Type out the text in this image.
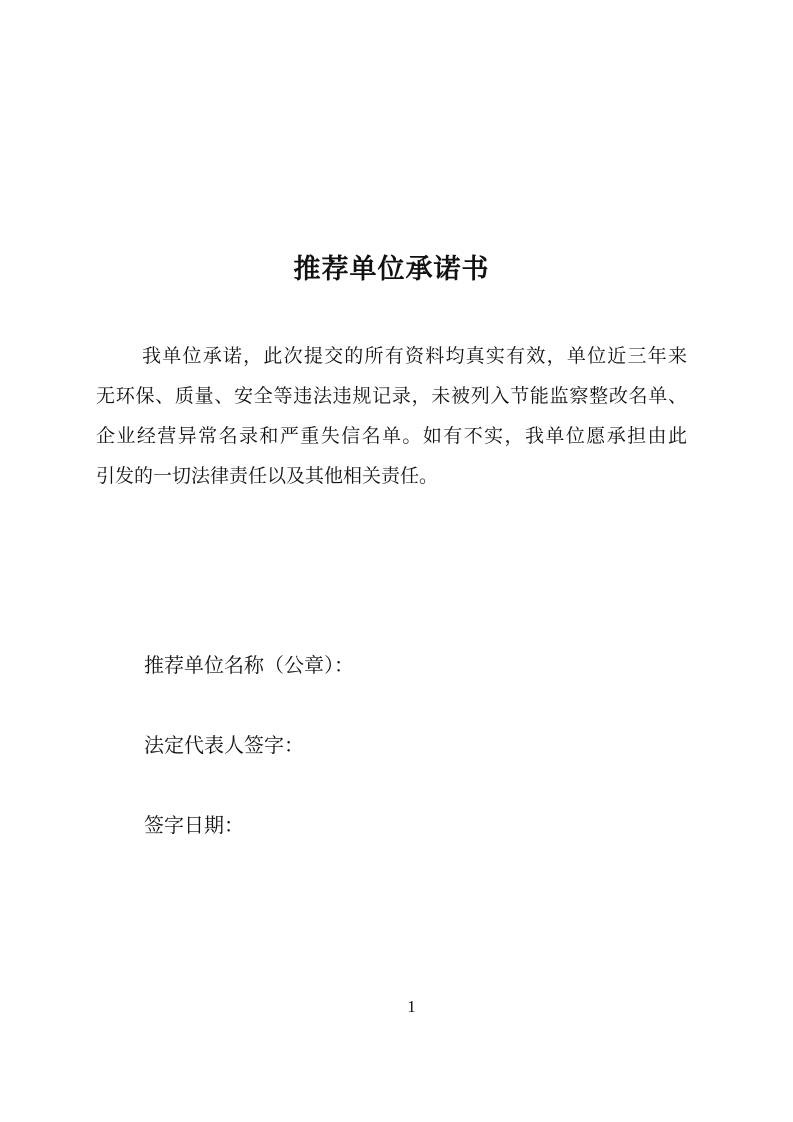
推荐单位承诺书
我单位承诺，此次提交的所有资料均真实有效，单位近三年来
无环保、质量、安全等违法违规记录，未被列入节能监察整改名单、
企业经营异常名录和严重失信名单。如有不实，我单位愿承担由此
引发的一切法律责任以及其他相关责任。
推荐单位名称（公章）：
法定代表人签字：
签字日期：
1
